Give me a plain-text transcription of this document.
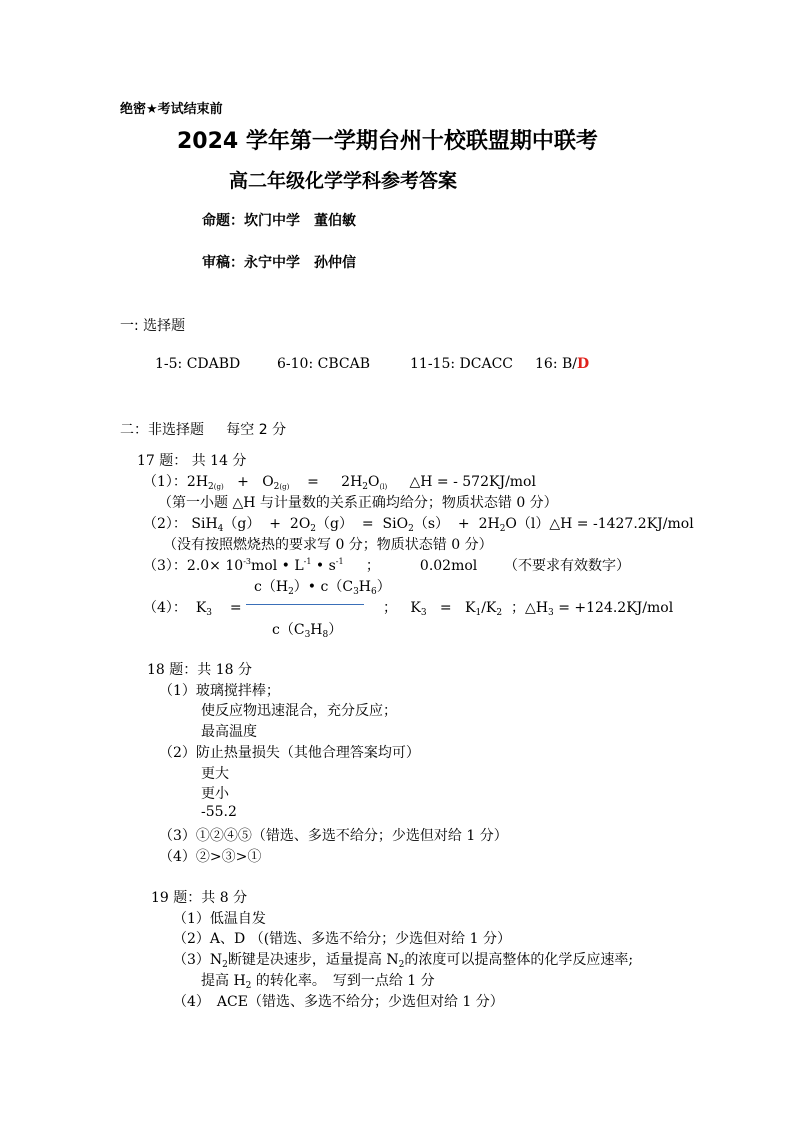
绝密★考试结束前
2024 学年第一学期台州十校联盟期中联考
高二年级化学学科参考答案
命题：坎门中学　董伯敏
审稿：永宁中学　孙仲信
一: 选择题
1-5: CDABD	6-10: CBCAB	11-15: DCACC 16: B/D
二：非选择题 每空 2 分
17 题： 共 14 分
（1）：$2H_{2(g)} + O_{2(g)} = 2H_2O_{(l)}$ △H = - 572KJ/mol
（第一小题 △H 与计量数的关系正确均给分；物质状态错 0 分）
（2）： $SiH_4(g) + 2O_2(g) = SiO_2(s)$ + $2H_2O(l)\triangle H = -1427.2KJ/mol$
（没有按照燃烧热的要求写 0 分；物质状态错 0 分）
（3）：$2.0\times 10^{-3}mol$ • $L^{-1}$ • $s^{-1}$ ；	0.02mol （不要求有效数字）
$c(H_2)•$ $c(C_3H_6)$
（4）： $K_3$ =	； $K_3 = K_1/K_2$ ；$\triangle H_3 = +124.2KJ/mol$
$c(C_3H_8)$
18 题：共 18 分
（1）玻璃搅拌棒；
使反应物迅速混合，充分反应；
最高温度
（2）防止热量损失（其他合理答案均可）
更大
更小
-55.2
（3）①②④⑤（错选、多选不给分；少选但对给 1 分）
（4）②>③>①
19 题：共 8 分
（1）低温自发
（2）A、D （(错选、多选不给分；少选但对给 1 分）
$(3)N_2$断键是决速步，适量提高 $N_2$的浓度可以提高整体的化学反应速率;
提高 $H_2$ 的转化率。　写到一点给 1 分
（4）　ACE（错选、多选不给分；少选但对给 1 分）
